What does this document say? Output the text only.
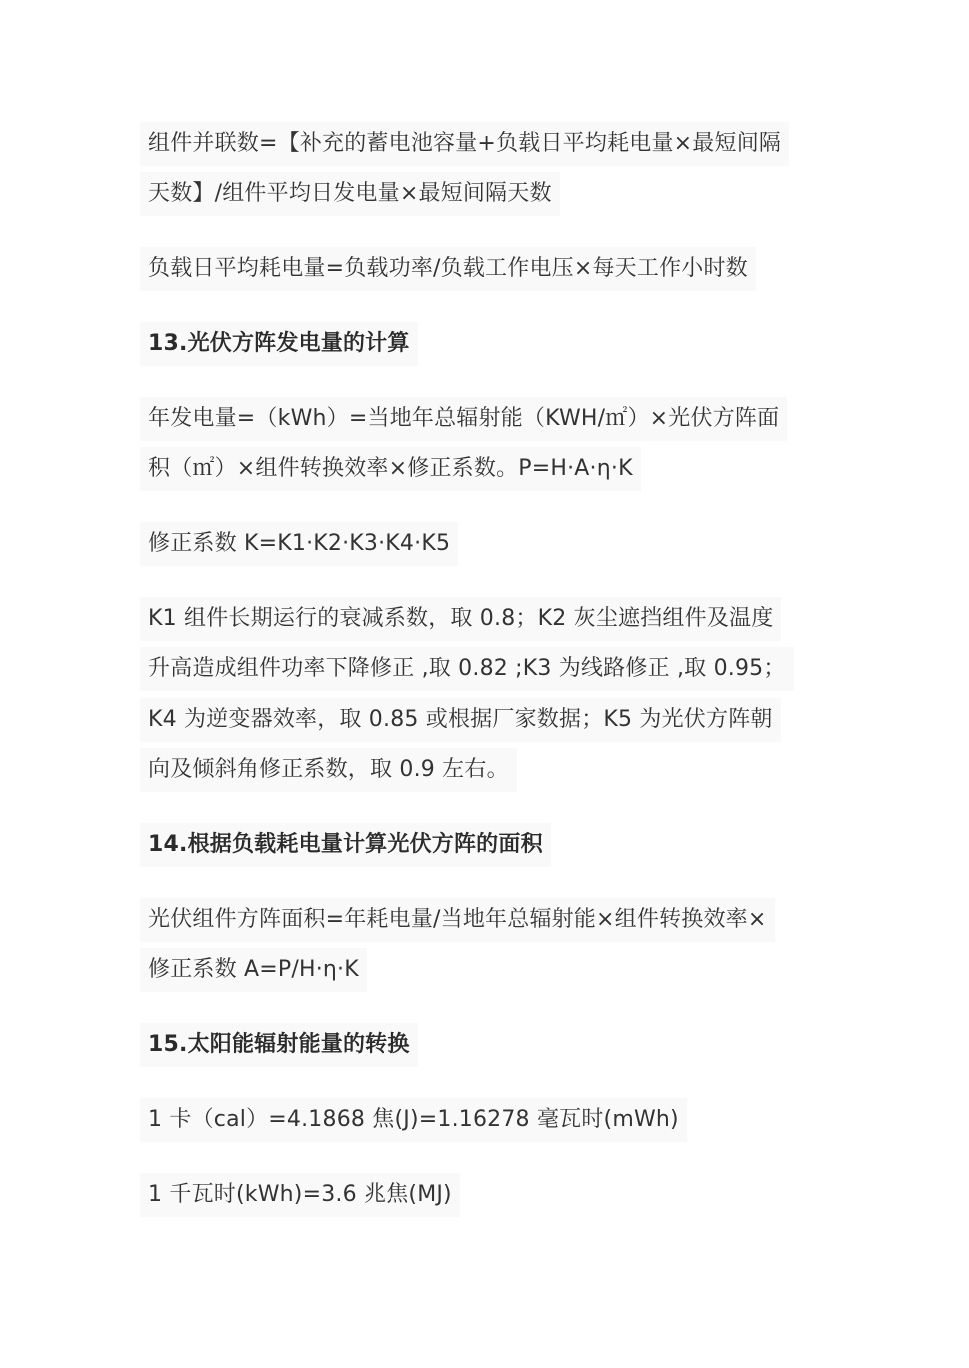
组件并联数=【补充的蓄电池容量+负载日平均耗电量×最短间隔
天数】/组件平均日发电量×最短间隔天数
负载日平均耗电量=负载功率/负载工作电压×每天工作小时数
13.光伏方阵发电量的计算
年发电量=（kWh）=当地年总辐射能（KWH/㎡）×光伏方阵面
积（㎡）×组件转换效率×修正系数。P=H·A·η·K
修正系数 K=K1·K2·K3·K4·K5
K1 组件长期运行的衰减系数，取 0.8；K2 灰尘遮挡组件及温度
升高造成组件功率下降修正 ,取 0.82 ;K3 为线路修正 ,取 0.95；
K4 为逆变器效率，取 0.85 或根据厂家数据；K5 为光伏方阵朝
向及倾斜角修正系数，取 0.9 左右。
14.根据负载耗电量计算光伏方阵的面积
光伏组件方阵面积=年耗电量/当地年总辐射能×组件转换效率×
修正系数 A=P/H·η·K
15.太阳能辐射能量的转换
1 卡（cal）=4.1868 焦(J)=1.16278 毫瓦时(mWh)
1 千瓦时(kWh)=3.6 兆焦(MJ)
